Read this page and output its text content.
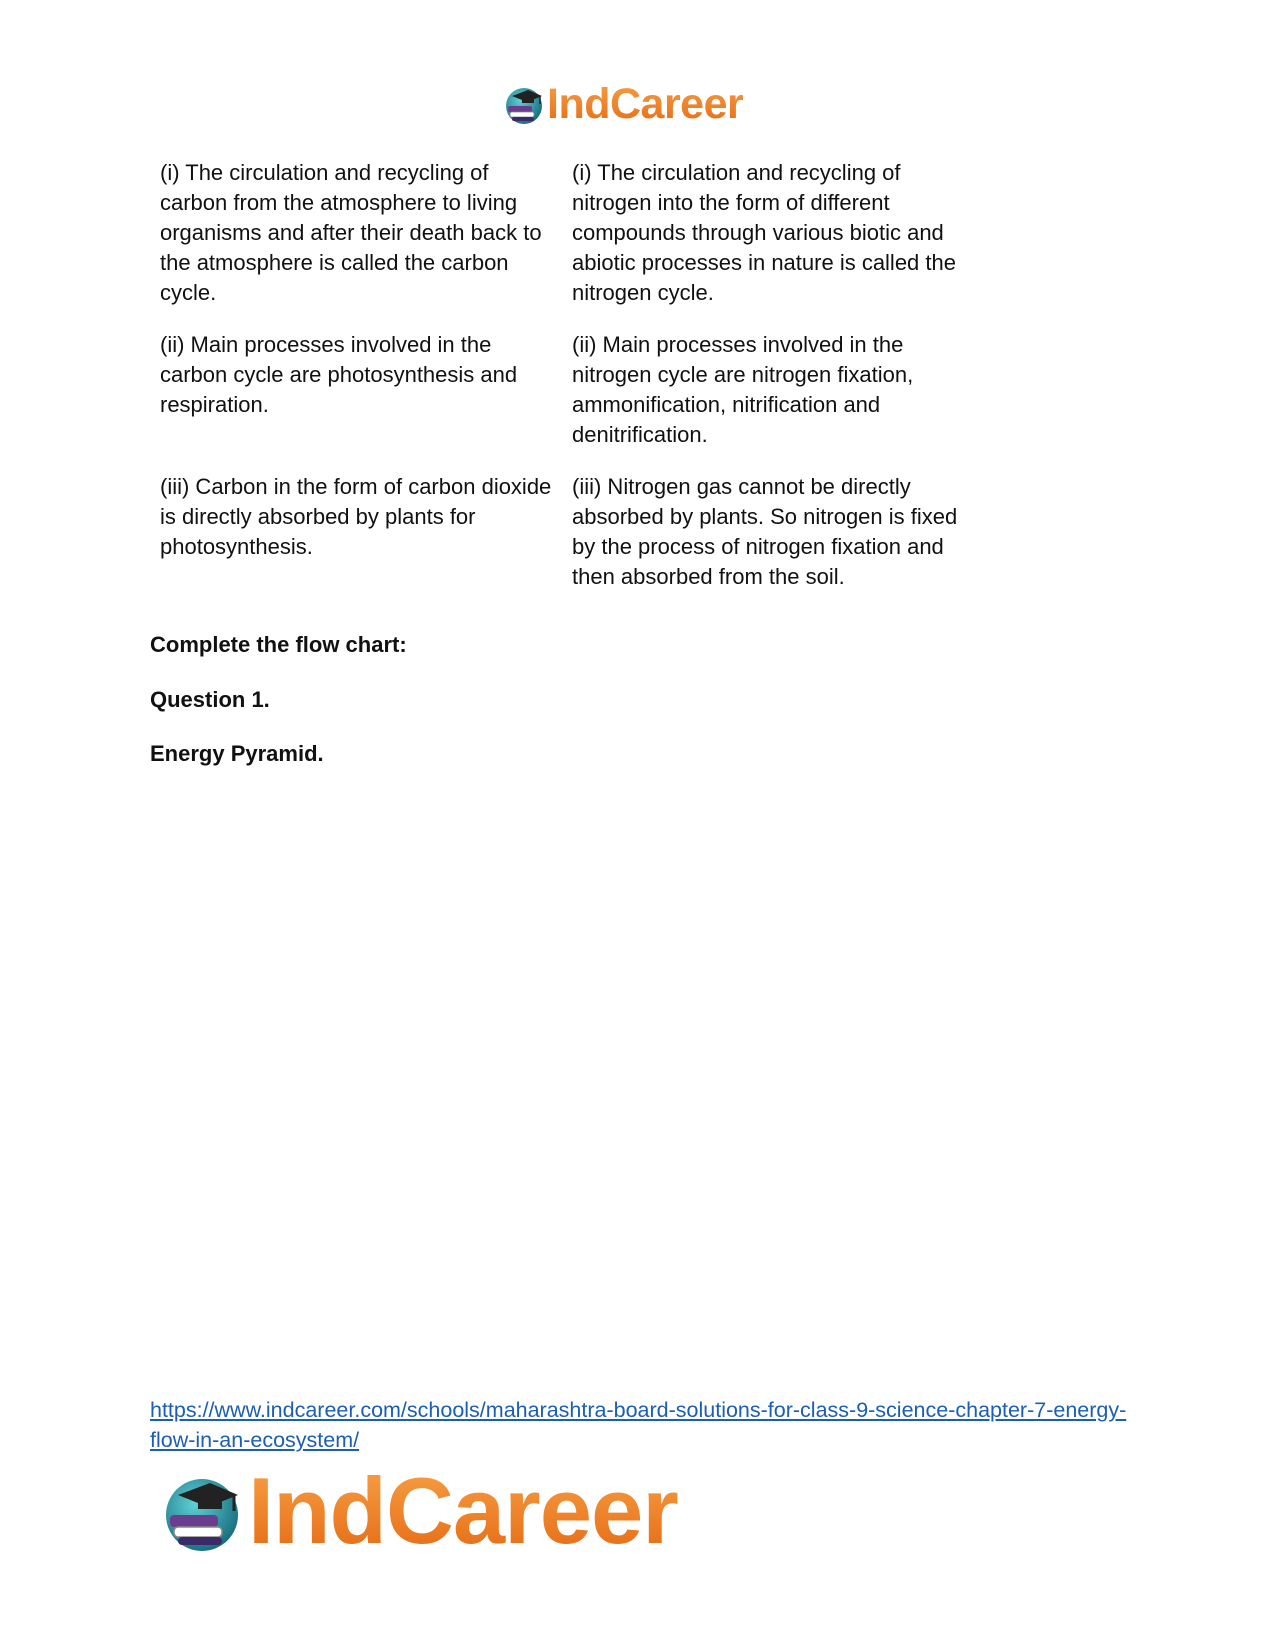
IndCareer
(i) The circulation and recycling of carbon from the atmosphere to living organisms and after their death back to the atmosphere is called the carbon cycle.
(i) The circulation and recycling of nitrogen into the form of different compounds through various biotic and abiotic processes in nature is called the nitrogen cycle.
(ii) Main processes involved in the carbon cycle are photosynthesis and respiration.
(ii) Main processes involved in the nitrogen cycle are nitrogen fixation, ammonification, nitrification and denitrification.
(iii) Carbon in the form of carbon dioxide is directly absorbed by plants for photosynthesis.
(iii) Nitrogen gas cannot be directly absorbed by plants. So nitrogen is fixed by the process of nitrogen fixation and then absorbed from the soil.
Complete the flow chart:
Question 1.
Energy Pyramid.
https://www.indcareer.com/schools/maharashtra-board-solutions-for-class-9-science-chapter-7-energy-flow-in-an-ecosystem/
IndCareer
